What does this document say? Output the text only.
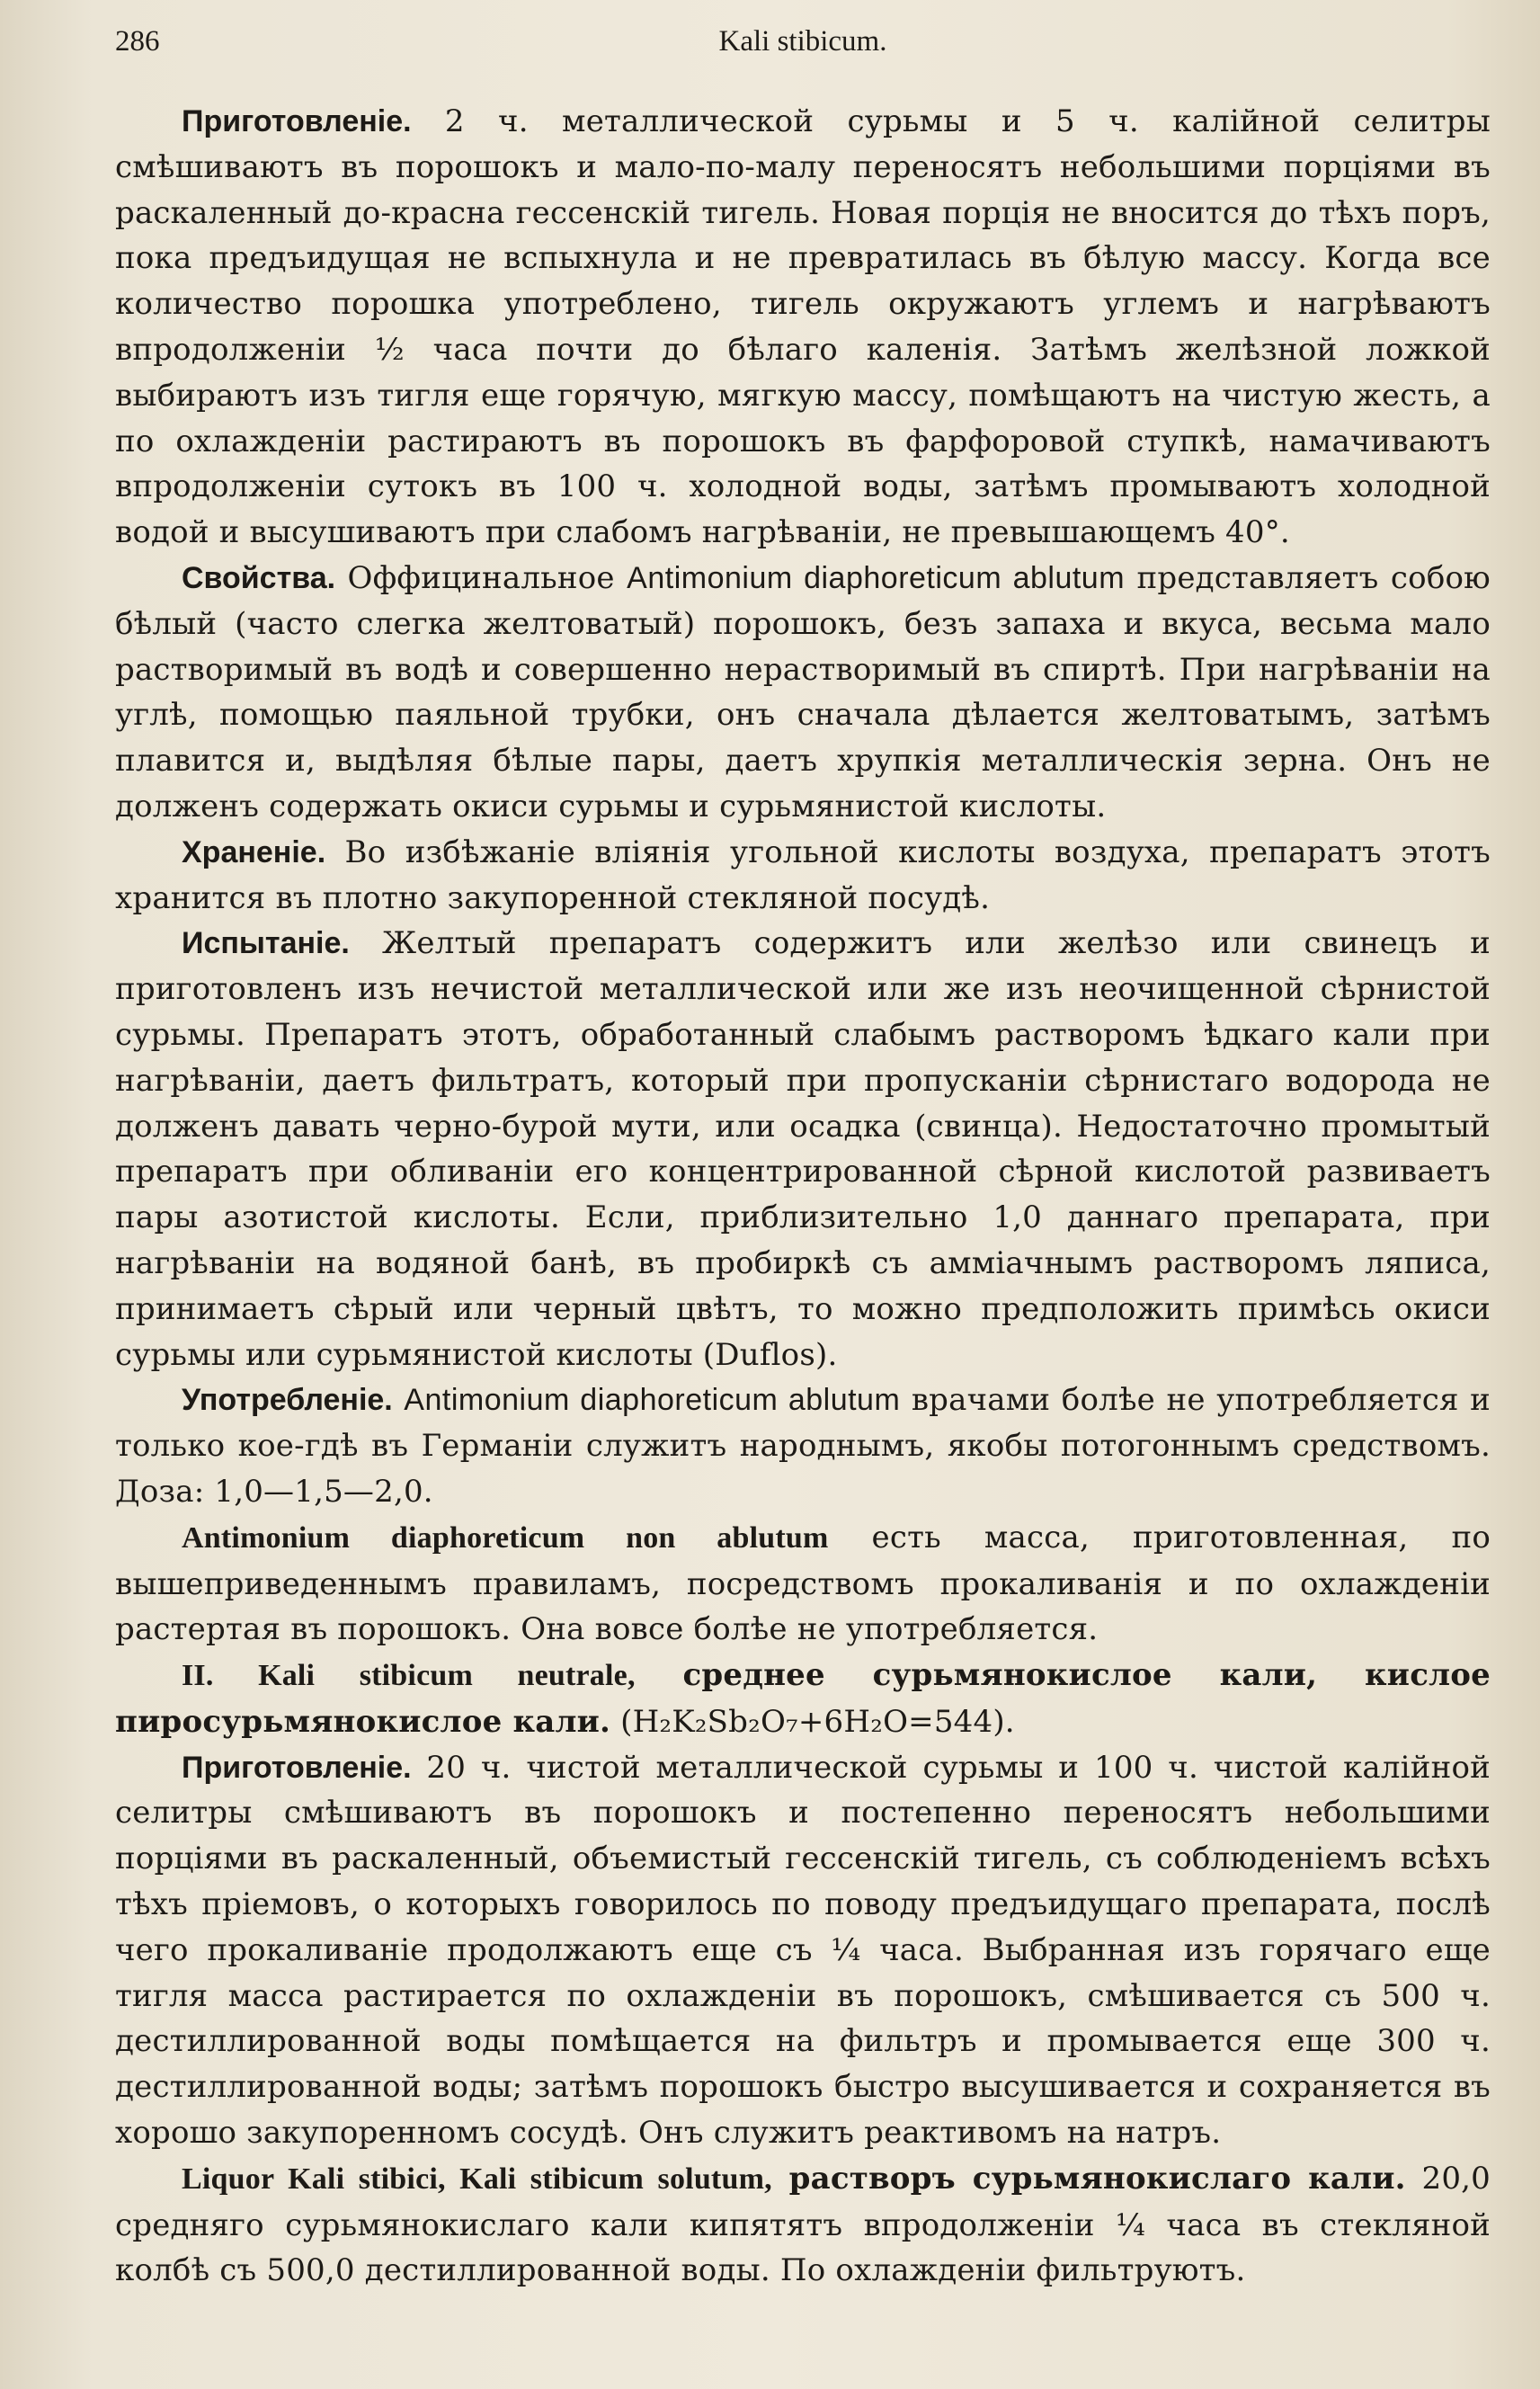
286	Kali stibicum.

Приготовленіе. 2 ч. металлической сурьмы и 5 ч. калійной селитры смѣшиваютъ въ порошокъ и мало-по-малу переносятъ небольшими порціями въ раскаленный до-красна гессенскій тигель. Новая порція не вносится до тѣхъ поръ, пока предъидущая не вспыхнула и не превратилась въ бѣлую массу. Когда все количество порошка употреблено, тигель окружаютъ углемъ и нагрѣваютъ впродолженіи ½ часа почти до бѣлаго каленія. Затѣмъ желѣзной ложкой выбираютъ изъ тигля еще горячую, мягкую массу, помѣщаютъ на чистую жесть, а по охлажденіи растираютъ въ порошокъ въ фарфоровой ступкѣ, намачиваютъ впродолженіи сутокъ въ 100 ч. холодной воды, затѣмъ промываютъ холодной водой и высушиваютъ при слабомъ нагрѣваніи, не превышающемъ 40°.

Свойства. Оффицинальное Antimonium diaphoreticum ablutum представляетъ собою бѣлый (часто слегка желтоватый) порошокъ, безъ запаха и вкуса, весьма мало растворимый въ водѣ и совершенно нерастворимый въ спиртѣ. При нагрѣваніи на углѣ, помощью паяльной трубки, онъ сначала дѣлается желтоватымъ, затѣмъ плавится и, выдѣляя бѣлые пары, даетъ хрупкія металлическія зерна. Онъ не долженъ содержать окиси сурьмы и сурьмянистой кислоты.

Храненіе. Во избѣжаніе вліянія угольной кислоты воздуха, препаратъ этотъ хранится въ плотно закупоренной стекляной посудѣ.

Испытаніе. Желтый препаратъ содержитъ или желѣзо или свинецъ и приготовленъ изъ нечистой металлической или же изъ неочищенной сѣрнистой сурьмы. Препаратъ этотъ, обработанный слабымъ растворомъ ѣдкаго кали при нагрѣваніи, даетъ фильтратъ, который при пропусканіи сѣрнистаго водорода не долженъ давать черно-бурой мути, или осадка (свинца). Недостаточно промытый препаратъ при обливаніи его концентрированной сѣрной кислотой развиваетъ пары азотистой кислоты. Если, приблизительно 1,0 даннаго препарата, при нагрѣваніи на водяной банѣ, въ пробиркѣ съ амміачнымъ растворомъ ляписа, принимаетъ сѣрый или черный цвѣтъ, то можно предположить примѣсь окиси сурьмы или сурьмянистой кислоты (Duflos).

Употребленіе. Antimonium diaphoreticum ablutum врачами болѣе не употребляется и только кое-гдѣ въ Германіи служитъ народнымъ, якобы потогоннымъ средствомъ. Доза: 1,0—1,5—2,0.

Antimonium diaphoreticum non ablutum есть масса, приготовленная, по вышеприведеннымъ правиламъ, посредствомъ прокаливанія и по охлажденіи растертая въ порошокъ. Она вовсе болѣе не употребляется.

II. Kali stibicum neutrale, среднее сурьмянокислое кали, кислое пиросурьмянокислое кали. (H₂K₂Sb₂O₇+6H₂O=544).

Приготовленіе. 20 ч. чистой металлической сурьмы и 100 ч. чистой калійной селитры смѣшиваютъ въ порошокъ и постепенно переносятъ небольшими порціями въ раскаленный, объемистый гессенскій тигель, съ соблюденіемъ всѣхъ тѣхъ пріемовъ, о которыхъ говорилось по поводу предъидущаго препарата, послѣ чего прокаливаніе продолжаютъ еще съ ¼ часа. Выбранная изъ горячаго еще тигля масса растирается по охлажденіи въ порошокъ, смѣшивается съ 500 ч. дестиллированной воды помѣщается на фильтръ и промывается еще 300 ч. дестиллированной воды; затѣмъ порошокъ быстро высушивается и сохраняется въ хорошо закупоренномъ сосудѣ. Онъ служитъ реактивомъ на натръ.

Liquor Kali stibici, Kali stibicum solutum, растворъ сурьмянокислаго кали. 20,0 средняго сурьмянокислаго кали кипятятъ впродолженіи ¼ часа въ стекляной колбѣ съ 500,0 дестиллированной воды. По охлажденіи фильтруютъ.
